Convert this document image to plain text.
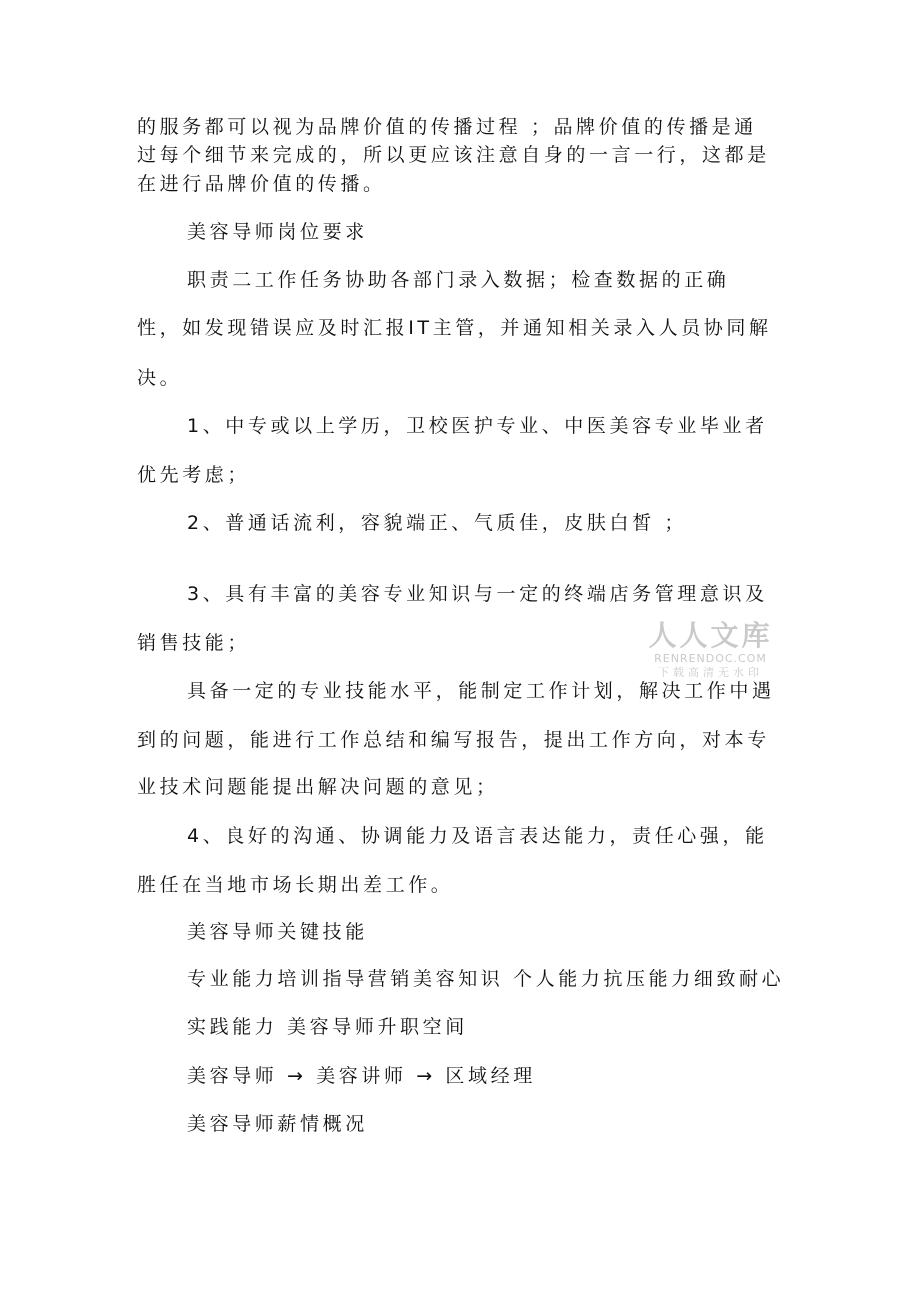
的服务都可以视为品牌价值的传播过程 ；品牌价值的传播是通
过每个细节来完成的，所以更应该注意自身的一言一行，这都是
在进行品牌价值的传播。
美容导师岗位要求
职责二工作任务协助各部门录入数据；检查数据的正确
性，如发现错误应及时汇报IT主管，并通知相关录入人员协同解
决。
1、中专或以上学历，卫校医护专业、中医美容专业毕业者
优先考虑；
2、普通话流利，容貌端正、气质佳，皮肤白皙 ；
3、具有丰富的美容专业知识与一定的终端店务管理意识及
销售技能；
具备一定的专业技能水平，能制定工作计划，解决工作中遇
到的问题，能进行工作总结和编写报告，提出工作方向，对本专
业技术问题能提出解决问题的意见；
4、良好的沟通、协调能力及语言表达能力，责任心强，能
胜任在当地市场长期出差工作。
美容导师关键技能
专业能力培训指导营销美容知识 个人能力抗压能力细致耐心
实践能力 美容导师升职空间
美容导师 → 美容讲师 → 区域经理
美容导师薪情概况
人人文库
RENRENDOC.COM
下载高清无水印
